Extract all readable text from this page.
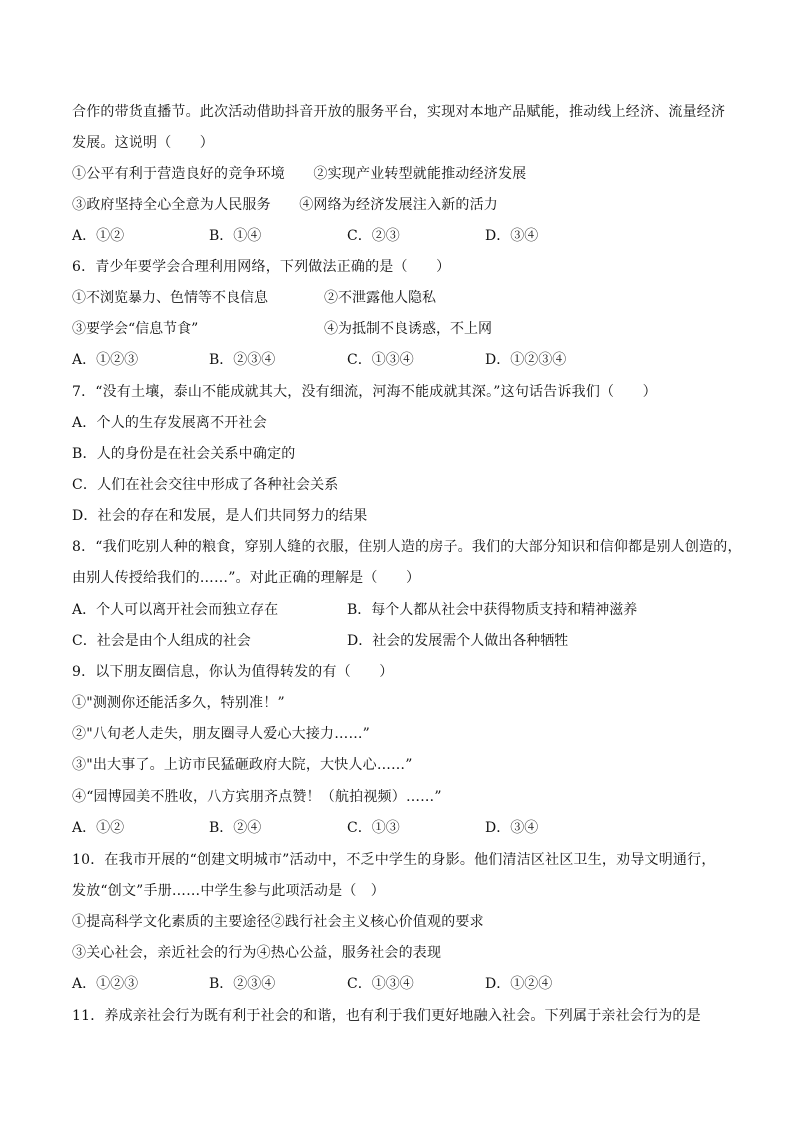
合作的带货直播节。此次活动借助抖音开放的服务平台，实现对本地产品赋能，推动线上经济、流量经济
发展。这说明（　　）
①公平有利于营造良好的竞争环境　　②实现产业转型就能推动经济发展
③政府坚持全心全意为人民服务　　④网络为经济发展注入新的活力
A．①②	B．①④	C．②③	D．③④
6．青少年要学会合理利用网络，下列做法正确的是（　　）
①不浏览暴力、色情等不良信息	②不泄露他人隐私
③要学会“信息节食”	④为抵制不良诱惑，不上网
A．①②③	B．②③④	C．①③④	D．①②③④
7．“没有土壤，泰山不能成就其大，没有细流，河海不能成就其深。”这句话告诉我们（　　）
A．个人的生存发展离不开社会
B．人的身份是在社会关系中确定的
C．人们在社会交往中形成了各种社会关系
D．社会的存在和发展，是人们共同努力的结果
8．“我们吃别人种的粮食，穿别人缝的衣服，住别人造的房子。我们的大部分知识和信仰都是别人创造的，
由别人传授给我们的……”。对此正确的理解是（　　）
A．个人可以离开社会而独立存在	B．每个人都从社会中获得物质支持和精神滋养
C．社会是由个人组成的社会	D．社会的发展需个人做出各种牺牲
9．以下朋友圈信息，你认为值得转发的有（　　）
①"测测你还能活多久，特别准！”
②"八旬老人走失，朋友圈寻人爱心大接力……”
③"出大事了。上访市民猛砸政府大院，大快人心……”
④“园博园美不胜收，八方宾朋齐点赞！（航拍视频）……”
A．①②	B．②④	C．①③	D．③④
10．在我市开展的“创建文明城市”活动中，不乏中学生的身影。他们清洁区社区卫生，劝导文明通行，
发放“创文”手册……中学生参与此项活动是（　）
①提高科学文化素质的主要途径②践行社会主义核心价值观的要求
③关心社会，亲近社会的行为④热心公益，服务社会的表现
A．①②③	B．②③④	C．①③④	D．①②④
11．养成亲社会行为既有利于社会的和谐，也有利于我们更好地融入社会。下列属于亲社会行为的是
